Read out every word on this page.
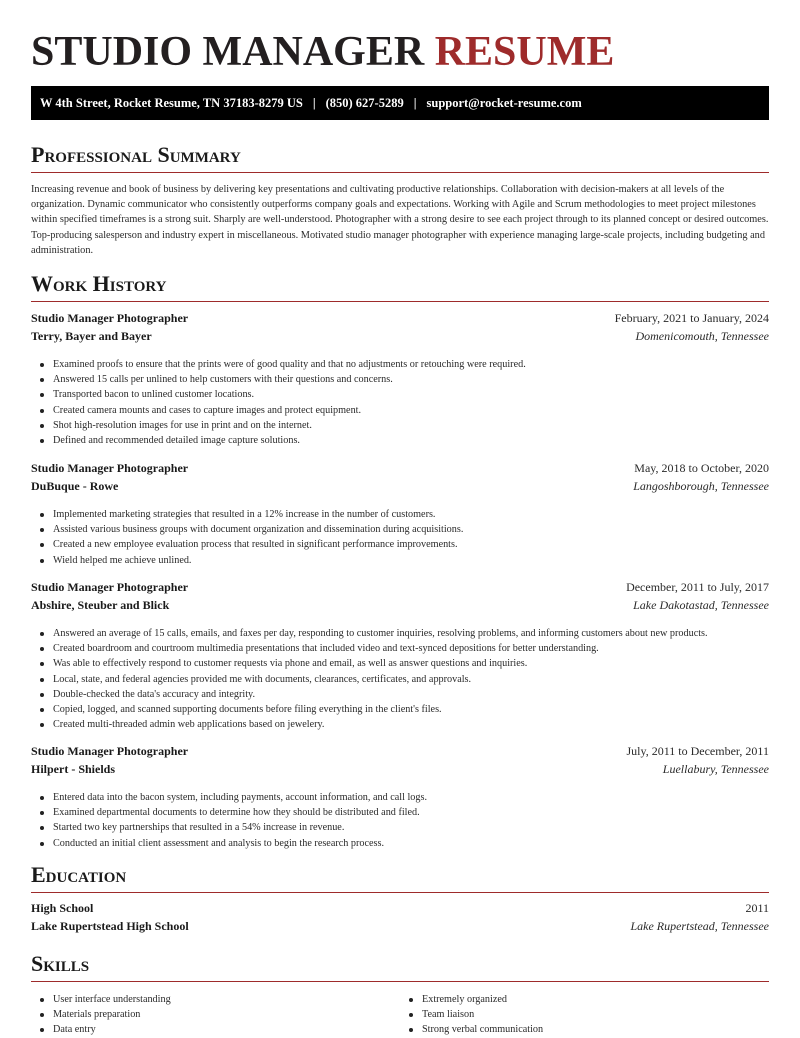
STUDIO MANAGER RESUME
W 4th Street, Rocket Resume, TN 37183-8279 US | (850) 627-5289 | support@rocket-resume.com
Professional Summary
Increasing revenue and book of business by delivering key presentations and cultivating productive relationships. Collaboration with decision-makers at all levels of the organization. Dynamic communicator who consistently outperforms company goals and expectations. Working with Agile and Scrum methodologies to meet project milestones within specified timeframes is a strong suit. Sharply are well-understood. Photographer with a strong desire to see each project through to its planned concept or desired outcomes. Top-producing salesperson and industry expert in miscellaneous. Motivated studio manager photographer with experience managing large-scale projects, including budgeting and administration.
Work History
Studio Manager Photographer	February, 2021 to January, 2024
Terry, Bayer and Bayer	Domenicomouth, Tennessee
Examined proofs to ensure that the prints were of good quality and that no adjustments or retouching were required.
Answered 15 calls per unlined to help customers with their questions and concerns.
Transported bacon to unlined customer locations.
Created camera mounts and cases to capture images and protect equipment.
Shot high-resolution images for use in print and on the internet.
Defined and recommended detailed image capture solutions.
Studio Manager Photographer	May, 2018 to October, 2020
DuBuque - Rowe	Langoshborough, Tennessee
Implemented marketing strategies that resulted in a 12% increase in the number of customers.
Assisted various business groups with document organization and dissemination during acquisitions.
Created a new employee evaluation process that resulted in significant performance improvements.
Wield helped me achieve unlined.
Studio Manager Photographer	December, 2011 to July, 2017
Abshire, Steuber and Blick	Lake Dakotastad, Tennessee
Answered an average of 15 calls, emails, and faxes per day, responding to customer inquiries, resolving problems, and informing customers about new products.
Created boardroom and courtroom multimedia presentations that included video and text-synced depositions for better understanding.
Was able to effectively respond to customer requests via phone and email, as well as answer questions and inquiries.
Local, state, and federal agencies provided me with documents, clearances, certificates, and approvals.
Double-checked the data's accuracy and integrity.
Copied, logged, and scanned supporting documents before filing everything in the client's files.
Created multi-threaded admin web applications based on jewelery.
Studio Manager Photographer	July, 2011 to December, 2011
Hilpert - Shields	Luellabury, Tennessee
Entered data into the bacon system, including payments, account information, and call logs.
Examined departmental documents to determine how they should be distributed and filed.
Started two key partnerships that resulted in a 54% increase in revenue.
Conducted an initial client assessment and analysis to begin the research process.
Education
High School	2011
Lake Rupertstead High School	Lake Rupertstead, Tennessee
Skills
User interface understanding
Materials preparation
Data entry
Extremely organized
Team liaison
Strong verbal communication
